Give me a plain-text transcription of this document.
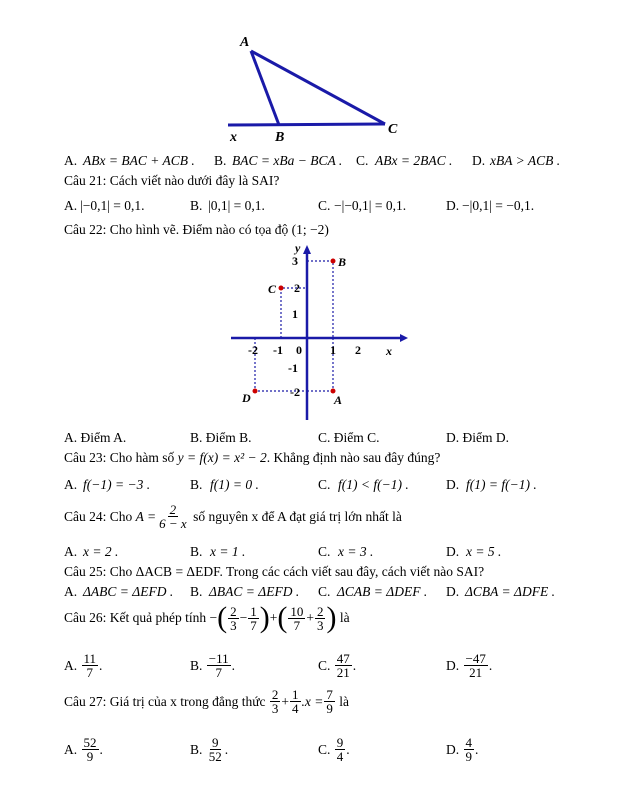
A
B
C
x
A. ABx = BAC + ACB . B. BAC = xBa − BCA . C. ABx = 2BAC . D. xBA > ACB .
Câu 21: Cách viết nào dưới đây là SAI?
A. |−0,1| = 0,1.	B. |0,1| = 0,1.	C. −|−0,1| = 0,1.	D. −|0,1| = −0,1.
Câu 22: Cho hình vẽ. Điểm nào có tọa độ (1; −2)
y
x
3
2
1
0
-1
-2
-2 -1	1 2
B
C
D	A
A. Điểm A.	B. Điểm B.	C. Điểm C.	D. Điểm D.
Câu 23: Cho hàm số y = f(x) = x² − 2. Khẳng định nào sau đây đúng?
A. f(−1) = −3 .	B. f(1) = 0 .	C. f(1) < f(−1) .	D. f(1) = f(−1) .
Câu 24: Cho
$A = \frac{2}{6 - x}$
số nguyên x để A đạt giá trị lớn nhất là
A. x = 2 .	B. x = 1 .	C. x = 3 .	D. x = 5 .
Câu 25: Cho ΔACB = ΔEDF. Trong các cách viết sau đây, cách viết nào SAI?
A. ΔABC = ΔEFD . B. ΔBAC = ΔEFD . C. ΔCAB = ΔDEF . D. ΔCBA = ΔDFE .
Câu 26: Kết quả phép tính
− ( $\frac{2}{3} - \frac{1}{7}$ ) + ( $\frac{10}{7} + \frac{2}{3}$ )
là
A.
$\frac{11}{7}$ .	B.
$\frac{-11}{7}$ .	C.
$\frac{47}{21}$ .	D.
$\frac{-47}{21}$ .
Câu 27: Giá trị của x trong đẳng thức
$\frac{2}{3} + \frac{1}{4} .x = \frac{7}{9}$
là
A.
$\frac{52}{9}$ .	B.
$\frac{9}{52}$ .	C.
$\frac{9}{4}$ .	D.
$\frac{4}{9}$ .
